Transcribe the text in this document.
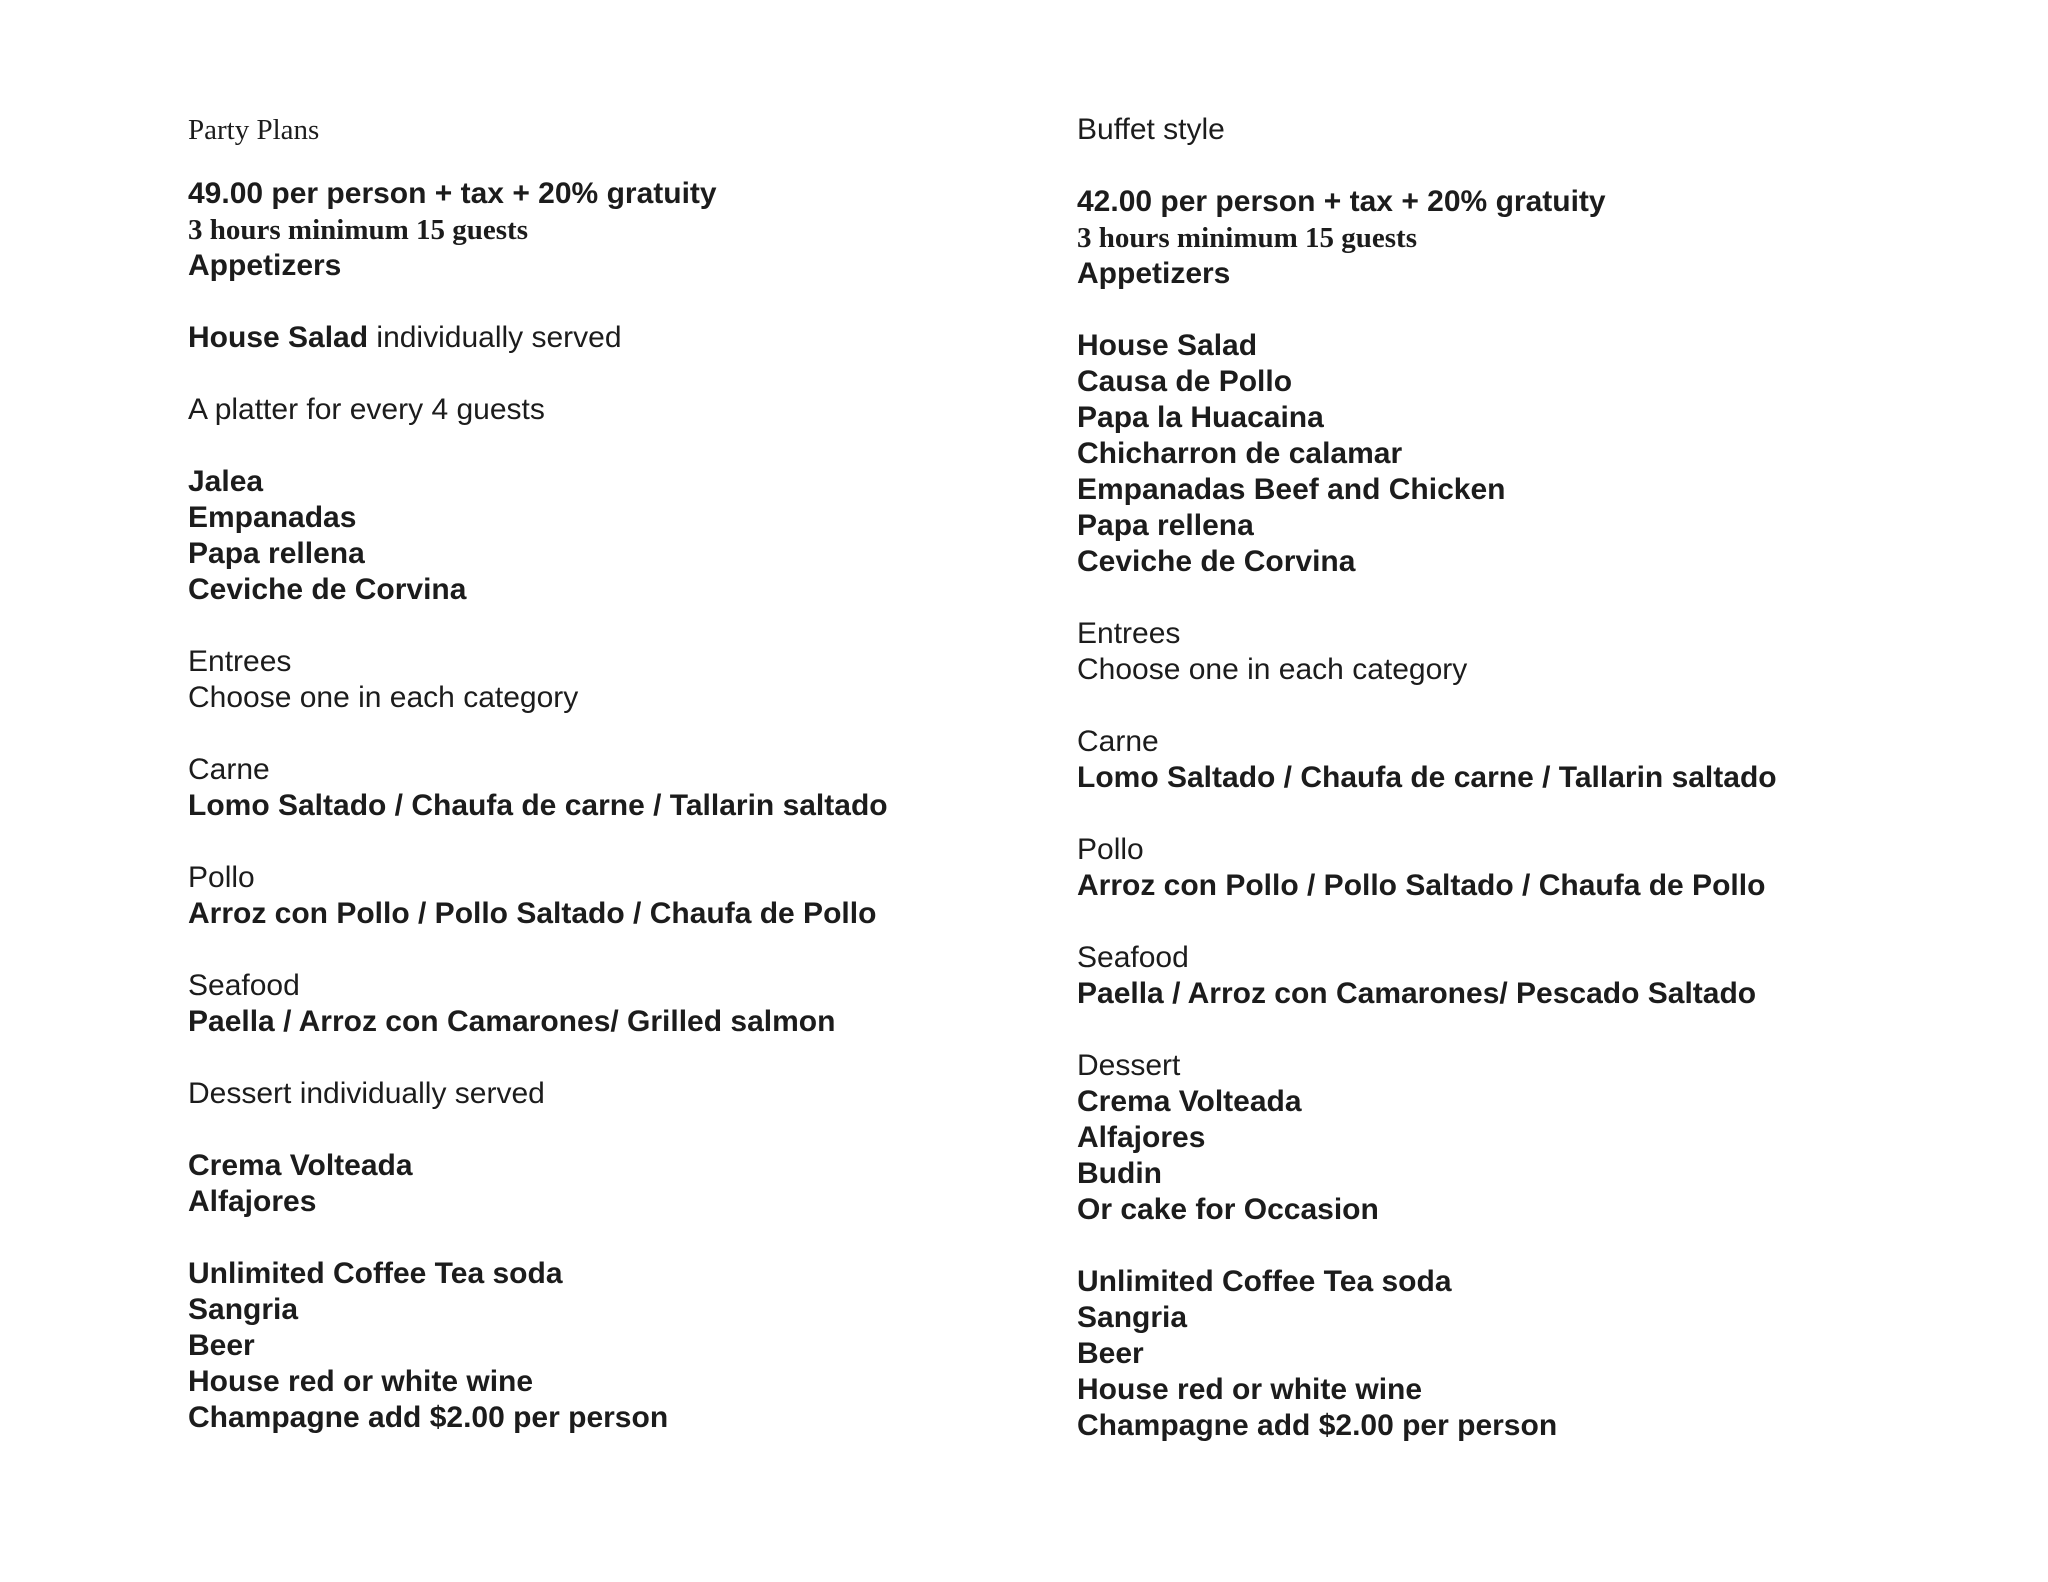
Party Plans
49.00 per person + tax + 20% gratuity
3 hours minimum 15 guests
Appetizers
House Salad individually served
A platter for every 4 guests
Jalea
Empanadas
Papa rellena
Ceviche de Corvina
Entrees
Choose one in each category
Carne
Lomo Saltado / Chaufa de carne / Tallarin saltado
Pollo
Arroz con Pollo / Pollo Saltado / Chaufa de Pollo
Seafood
Paella / Arroz con Camarones/ Grilled salmon
Dessert individually served
Crema Volteada
Alfajores
Unlimited Coffee Tea soda
Sangria
Beer
House red or white wine
Champagne add $2.00 per person
Buffet style
42.00 per person + tax + 20% gratuity
3 hours minimum 15 guests
Appetizers
House Salad
Causa de Pollo
Papa la Huacaina
Chicharron de calamar
Empanadas Beef and Chicken
Papa rellena
Ceviche de Corvina
Entrees
Choose one in each category
Carne
Lomo Saltado / Chaufa de carne / Tallarin saltado
Pollo
Arroz con Pollo / Pollo Saltado / Chaufa de Pollo
Seafood
Paella / Arroz con Camarones/ Pescado Saltado
Dessert
Crema Volteada
Alfajores
Budin
Or cake for Occasion
Unlimited Coffee Tea soda
Sangria
Beer
House red or white wine
Champagne add $2.00 per person
